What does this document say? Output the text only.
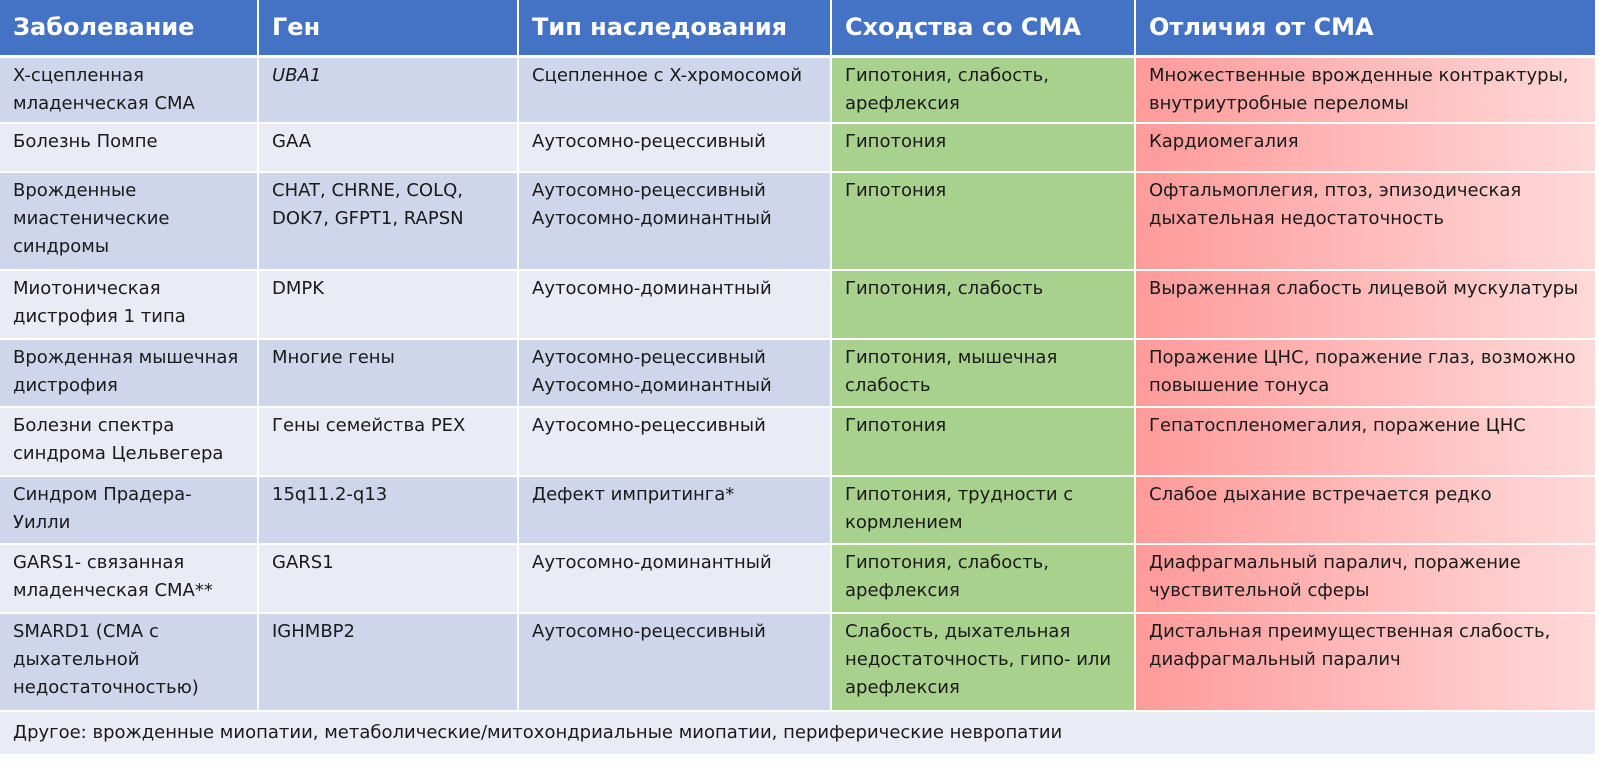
Заболевание	Ген	Тип наследования	Сходства со СМА	Отличия от СМА
X-сцепленная младенческая СМА	UBA1	Сцепленное с X-хромосомой	Гипотония, слабость, арефлексия	Множественные врожденные контрактуры, внутриутробные переломы
Болезнь Помпе	GAA	Аутосомно-рецессивный	Гипотония	Кардиомегалия
Врожденные миастенические синдромы	CHAT, CHRNE, COLQ, DOK7, GFPT1, RAPSN	Аутосомно-рецессивный Аутосомно-доминантный	Гипотония	Офтальмоплегия, птоз, эпизодическая дыхательная недостаточность
Миотоническая дистрофия 1 типа	DMPK	Аутосомно-доминантный	Гипотония, слабость	Выраженная слабость лицевой мускулатуры
Врожденная мышечная дистрофия	Многие гены	Аутосомно-рецессивный Аутосомно-доминантный	Гипотония, мышечная слабость	Поражение ЦНС, поражение глаз, возможно повышение тонуса
Болезни спектра синдрома Цельвегера	Гены семейства PEX	Аутосомно-рецессивный	Гипотония	Гепатоспленомегалия, поражение ЦНС
Синдром Прадера-Уилли	15q11.2-q13	Дефект импритинга*	Гипотония, трудности с кормлением	Слабое дыхание встречается редко
GARS1- связанная младенческая СМА**	GARS1	Аутосомно-доминантный	Гипотония, слабость, арефлексия	Диафрагмальный паралич, поражение чувствительной сферы
SMARD1 (СМА с дыхательной недостаточностью)	IGHMBP2	Аутосомно-рецессивный	Слабость, дыхательная недостаточность, гипо- или арефлексия	Дистальная преимущественная слабость, диафрагмальный паралич
Другое: врожденные миопатии, метаболические/митохондриальные миопатии, периферические невропатии				
